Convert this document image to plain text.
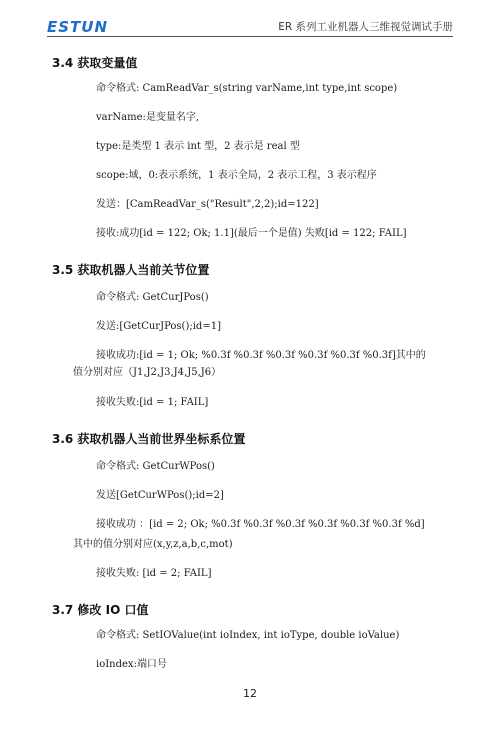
ESTUN	ER 系列工业机器人三维视觉调试手册
3.4 获取变量值
命令格式: CamReadVar_s(string varName,int type,int scope)
varName:是变量名字,
type:是类型 1 表示 int 型，2 表示是 real 型
scope:域，0:表示系统，1 表示全局，2 表示工程，3 表示程序
发送：[CamReadVar_s("Result",2,2);id=122]
接收:成功[id = 122; Ok; 1.1](最后一个是值) 失败[id = 122; FAIL]
3.5 获取机器人当前关节位置
命令格式: GetCurJPos()
发送:[GetCurJPos();id=1]
接收成功:[id = 1; Ok; %0.3f %0.3f %0.3f %0.3f %0.3f %0.3f]其中的
值分别对应（J1,J2,J3,J4,J5,J6）
接收失败:[id = 1; FAIL]
3.6 获取机器人当前世界坐标系位置
命令格式: GetCurWPos()
发送[GetCurWPos();id=2]
接收成功 ：[id = 2; Ok; %0.3f %0.3f %0.3f %0.3f %0.3f %0.3f %d]
其中的值分别对应(x,y,z,a,b,c,mot)
接收失败: [id = 2; FAIL]
3.7 修改 IO 口值
命令格式: SetIOValue(int ioIndex, int ioType, double ioValue)
ioIndex:端口号
12
